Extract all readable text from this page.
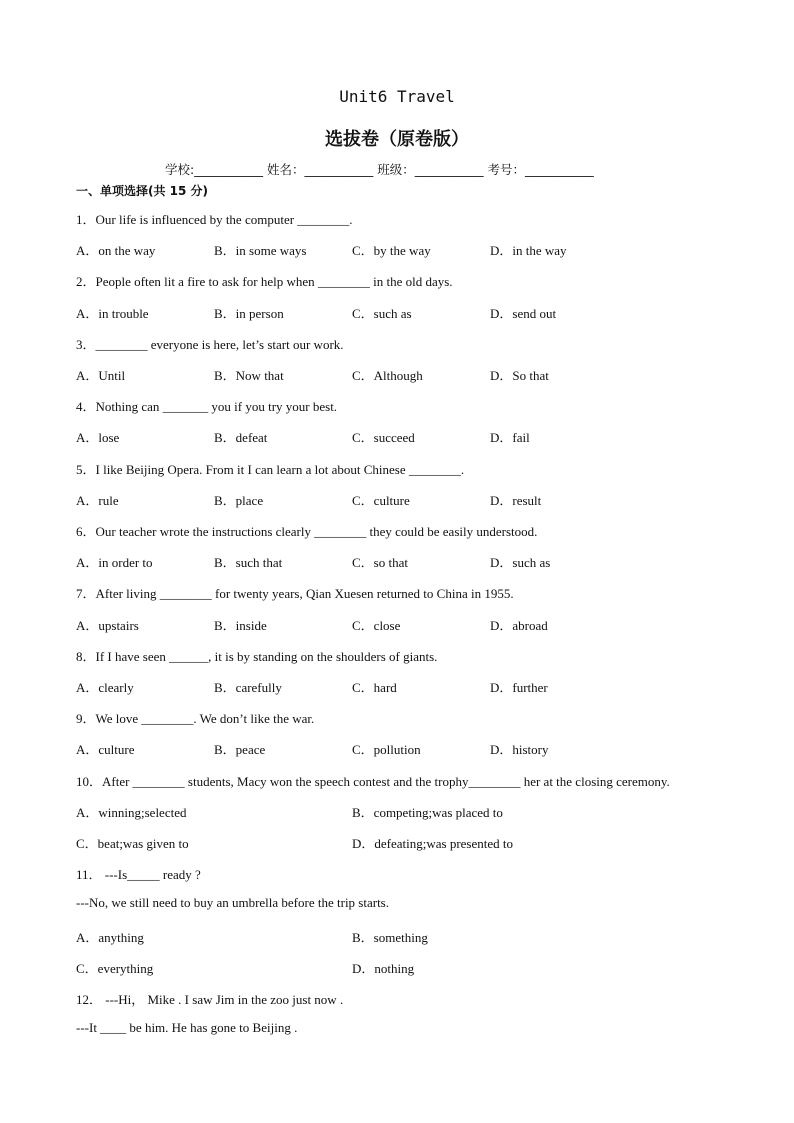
Unit6 Travel
选拔卷（原卷版）
学校:___________ 姓名：___________ 班级：___________ 考号：___________
一、单项选择(共 15 分)
1．Our life is influenced by the computer ________.
A．on the way	B．in some ways	C．by the way	D．in the way
2．People often lit a fire to ask for help when ________ in the old days.
A．in trouble	B．in person	C．such as	D．send out
3．________ everyone is here, let’s start our work.
A．Until	B．Now that	C．Although	D．So that
4．Nothing can _______ you if you try your best.
A．lose	B．defeat	C．succeed	D．fail
5．I like Beijing Opera. From it I can learn a lot about Chinese ________.
A．rule	B．place	C．culture	D．result
6．Our teacher wrote the instructions clearly ________ they could be easily understood.
A．in order to	B．such that	C．so that	D．such as
7．After living ________ for twenty years, Qian Xuesen returned to China in 1955.
A．upstairs	B．inside	C．close	D．abroad
8．If I have seen ______, it is by standing on the shoulders of giants.
A．clearly	B．carefully	C．hard	D．further
9．We love ________. We don’t like the war.
A．culture	B．peace	C．pollution	D．history
10．After ________ students, Macy won the speech contest and the trophy________ her at the closing ceremony.
A．winning;selected	B．competing;was placed to
C．beat;was given to	D．defeating;was presented to
11． ---Is_____ ready ?
---No, we still need to buy an umbrella before the trip starts.
A．anything	B．something
C．everything	D．nothing
12． ---Hi， Mike . I saw Jim in the zoo just now .
---It ____ be him. He has gone to Beijing .
